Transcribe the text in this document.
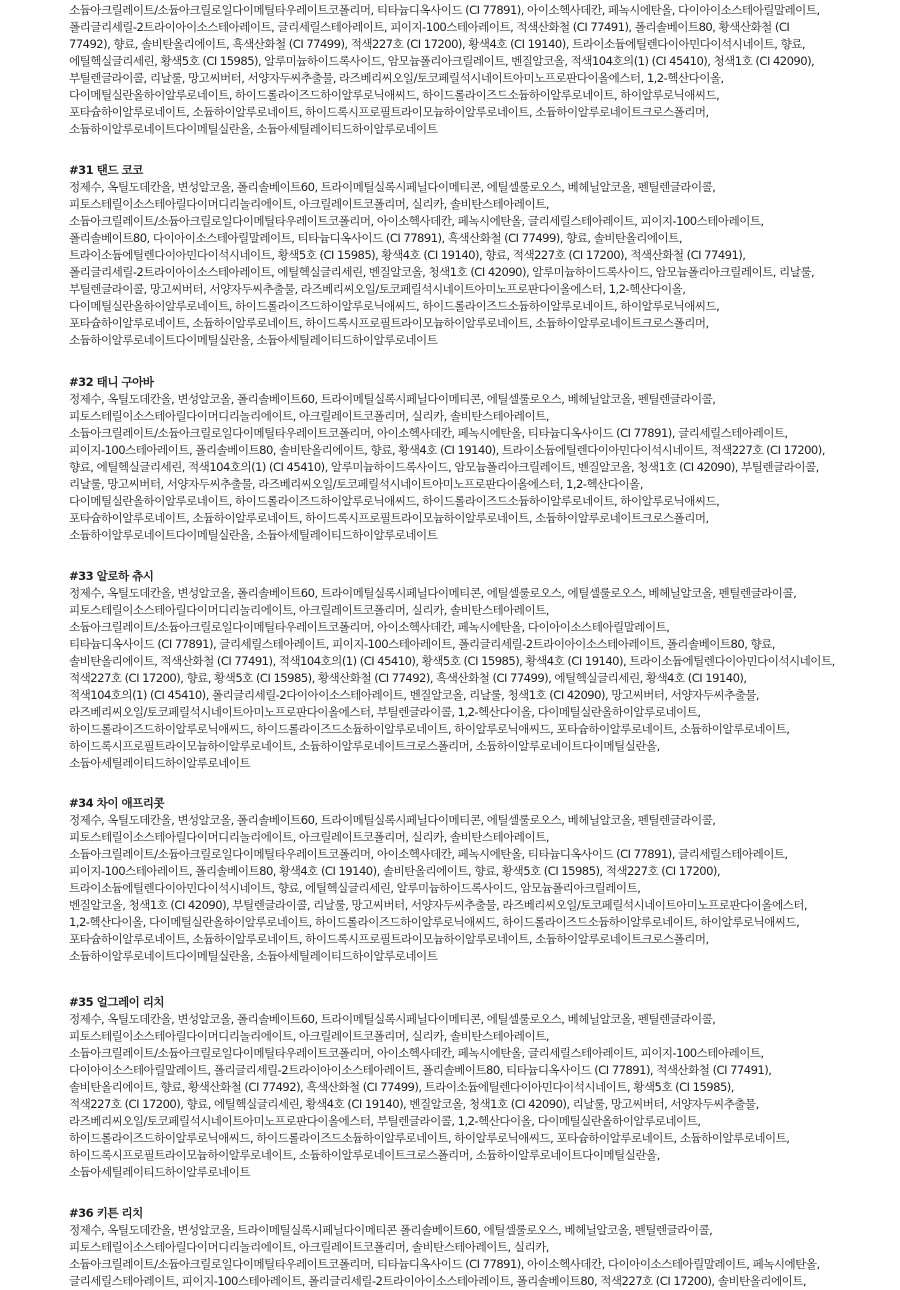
소듐아크릴레이트/소듐아크릴로일다이메틸타우레이트코폴리머, 티타늄디옥사이드 (CI 77891), 아이소헥사데칸, 페녹시에탄올, 다이아이소스테아릴말레이트,

폴리글리세릴-2트라이아이소스테아레이트, 글리세릴스테아레이트, 피이지-100스테아레이트, 적색산화철 (CI 77491), 폴리솔베이트80, 황색산화철 (CI

77492), 향료, 솔비탄올리에이트, 흑색산화철 (CI 77499), 적색227호 (CI 17200), 황색4호 (CI 19140), 트라이소듐에틸렌다이아민다이석시네이트, 향료,

에틸헥실글리세린, 황색5호 (CI 15985), 알루미늄하이드록사이드, 암모늄폴리아크릴레이트, 벤질알코올, 적색104호의(1) (CI 45410), 청색1호 (CI 42090),

부틸렌글라이콜, 리날룰, 망고씨버터, 서양자두씨추출물, 라즈베리씨오일/토코페릴석시네이트아미노프로판다이올에스터, 1,2-헥산다이올,

다이메틸실란올하이알루로네이트, 하이드롤라이즈드하이알루로닉애씨드, 하이드롤라이즈드소듐하이알루로네이트, 하이알루로닉애씨드,

포타슘하이알루로네이트, 소듐하이알루로네이트, 하이드록시프로필트라이모늄하이알루로네이트, 소듐하이알루로네이트크로스폴리머,

소듐하이알루로네이트다이메틸실란올, 소듐아세틸레이티드하이알루로네이트

#31 탠드 코코

정제수, 옥틸도데칸올, 변성알코올, 폴리솔베이트60, 트라이메틸실록시페닐다이메티콘, 에틸셀룰로오스, 베헤닐알코올, 펜틸렌글라이콜,

피토스테릴이소스테아릴다이머디리놀리에이트, 아크릴레이트코폴리머, 실리카, 솔비탄스테아레이트,

소듐아크릴레이트/소듐아크릴로일다이메틸타우레이트코폴리머, 아이소헥사데칸, 페녹시에탄올, 글리세릴스테아레이트, 피이지-100스테아레이트,

폴리솔베이트80, 다이아이소스테아릴말레이트, 티타늄디옥사이드 (CI 77891), 흑색산화철 (CI 77499), 향료, 솔비탄올리에이트,

트라이소듐에틸렌다이아민다이석시네이트, 황색5호 (CI 15985), 황색4호 (CI 19140), 향료, 적색227호 (CI 17200), 적색산화철 (CI 77491),

폴리글리세릴-2트라이아이소스테아레이트, 에틸헥실글리세린, 벤질알코올, 청색1호 (CI 42090), 알루미늄하이드록사이드, 암모늄폴리아크릴레이트, 리날룰,

부틸렌글라이콜, 망고씨버터, 서양자두씨추출물, 라즈베리씨오일/토코페릴석시네이트아미노프로판다이올에스터, 1,2-헥산다이올,

다이메틸실란올하이알루로네이트, 하이드롤라이즈드하이알루로닉애씨드, 하이드롤라이즈드소듐하이알루로네이트, 하이알루로닉애씨드,

포타슘하이알루로네이트, 소듐하이알루로네이트, 하이드록시프로필트라이모늄하이알루로네이트, 소듐하이알루로네이트크로스폴리머,

소듐하이알루로네이트다이메틸실란올, 소듐아세틸레이티드하이알루로네이트

#32 태니 구아바

정제수, 옥틸도데칸올, 변성알코올, 폴리솔베이트60, 트라이메틸실록시페닐다이메티콘, 에틸셀룰로오스, 베헤닐알코올, 펜틸렌글라이콜,

피토스테릴이소스테아릴다이머디리놀리에이트, 아크릴레이트코폴리머, 실리카, 솔비탄스테아레이트,

소듐아크릴레이트/소듐아크릴로일다이메틸타우레이트코폴리머, 아이소헥사데칸, 페녹시에탄올, 티타늄디옥사이드 (CI 77891), 글리세릴스테아레이트,

피이지-100스테아레이트, 폴리솔베이트80, 솔비탄올리에이트, 향료, 황색4호 (CI 19140), 트라이소듐에틸렌다이아민다이석시네이트, 적색227호 (CI 17200),

향료, 에틸헥실글리세린, 적색104호의(1) (CI 45410), 알루미늄하이드록사이드, 암모늄폴리아크릴레이트, 벤질알코올, 청색1호 (CI 42090), 부틸렌글라이콜,

리날룰, 망고씨버터, 서양자두씨추출물, 라즈베리씨오일/토코페릴석시네이트아미노프로판다이올에스터, 1,2-헥산다이올,

다이메틸실란올하이알루로네이트, 하이드롤라이즈드하이알루로닉애씨드, 하이드롤라이즈드소듐하이알루로네이트, 하이알루로닉애씨드,

포타슘하이알루로네이트, 소듐하이알루로네이트, 하이드록시프로필트라이모늄하이알루로네이트, 소듐하이알루로네이트크로스폴리머,

소듐하이알루로네이트다이메틸실란올, 소듐아세틸레이티드하이알루로네이트

#33 알로하 츄시

정제수, 옥틸도데칸올, 변성알코올, 폴리솔베이트60, 트라이메틸실록시페닐다이메티콘, 에틸셀룰로오스, 에틸셀룰로오스, 베헤닐알코올, 펜틸렌글라이콜,

피토스테릴이소스테아릴다이머디리놀리에이트, 아크릴레이트코폴리머, 실리카, 솔비탄스테아레이트,

소듐아크릴레이트/소듐아크릴로일다이메틸타우레이트코폴리머, 아이소헥사데칸, 페녹시에탄올, 다이아이소스테아릴말레이트,

티타늄디옥사이드 (CI 77891), 글리세릴스테아레이트, 피이지-100스테아레이트, 폴리글리세릴-2트라이아이소스테아레이트, 폴리솔베이트80, 향료,

솔비탄올리에이트, 적색산화철 (CI 77491), 적색104호의(1) (CI 45410), 황색5호 (CI 15985), 황색4호 (CI 19140), 트라이소듐에틸렌다이아민다이석시네이트,

적색227호 (CI 17200), 향료, 황색5호 (CI 15985), 황색산화철 (CI 77492), 흑색산화철 (CI 77499), 에틸헥실글리세린, 황색4호 (CI 19140),

적색104호의(1) (CI 45410), 폴리글리세릴-2다이아이소스테아레이트, 벤질알코올, 리날룰, 청색1호 (CI 42090), 망고씨버터, 서양자두씨추출물,

라즈베리씨오일/토코페릴석시네이트아미노프로판다이올에스터, 부틸렌글라이콜, 1,2-헥산다이올, 다이메틸실란올하이알루로네이트,

하이드롤라이즈드하이알루로닉애씨드, 하이드롤라이즈드소듐하이알루로네이트, 하이알루로닉애씨드, 포타슘하이알루로네이트, 소듐하이알루로네이트,

하이드록시프로필트라이모늄하이알루로네이트, 소듐하이알루로네이트크로스폴리머, 소듐하이알루로네이트다이메틸실란올,

소듐아세틸레이티드하이알루로네이트

#34 차이 애프리콧

정제수, 옥틸도데칸올, 변성알코올, 폴리솔베이트60, 트라이메틸실록시페닐다이메티콘, 에틸셀룰로오스, 베헤닐알코올, 펜틸렌글라이콜,

피토스테릴이소스테아릴다이머디리놀리에이트, 아크릴레이트코폴리머, 실리카, 솔비탄스테아레이트,

소듐아크릴레이트/소듐아크릴로일다이메틸타우레이트코폴리머, 아이소헥사데칸, 페녹시에탄올, 티타늄디옥사이드 (CI 77891), 글리세릴스테아레이트,

피이지-100스테아레이트, 폴리솔베이트80, 황색4호 (CI 19140), 솔비탄올리에이트, 향료, 황색5호 (CI 15985), 적색227호 (CI 17200),

트라이소듐에틸렌다이아민다이석시네이트, 향료, 에틸헥실글리세린, 알루미늄하이드록사이드, 암모늄폴리아크릴레이트,

벤질알코올, 청색1호 (CI 42090), 부틸렌글라이콜, 리날룰, 망고씨버터, 서양자두씨추출물, 라즈베리씨오일/토코페릴석시네이트아미노프로판다이올에스터,

1,2-헥산다이올, 다이메틸실란올하이알루로네이트, 하이드롤라이즈드하이알루로닉애씨드, 하이드롤라이즈드소듐하이알루로네이트, 하이알루로닉애씨드,

포타슘하이알루로네이트, 소듐하이알루로네이트, 하이드록시프로필트라이모늄하이알루로네이트, 소듐하이알루로네이트크로스폴리머,

소듐하이알루로네이트다이메틸실란올, 소듐아세틸레이티드하이알루로네이트

#35 얼그레이 리치

정제수, 옥틸도데칸올, 변성알코올, 폴리솔베이트60, 트라이메틸실록시페닐다이메티콘, 에틸셀룰로오스, 베헤닐알코올, 펜틸렌글라이콜,

피토스테릴이소스테아릴다이머디리놀리에이트, 아크릴레이트코폴리머, 실리카, 솔비탄스테아레이트,

소듐아크릴레이트/소듐아크릴로일다이메틸타우레이트코폴리머, 아이소헥사데칸, 페녹시에탄올, 글리세릴스테아레이트, 피이지-100스테아레이트,

다이아이소스테아릴말레이트, 폴리글리세릴-2트라이아이소스테아레이트, 폴리솔베이트80, 티타늄디옥사이드 (CI 77891), 적색산화철 (CI 77491),

솔비탄올리에이트, 향료, 황색산화철 (CI 77492), 흑색산화철 (CI 77499), 트라이소듐에틸렌다이아민다이석시네이트, 황색5호 (CI 15985),

적색227호 (CI 17200), 향료, 에틸헥실글리세린, 황색4호 (CI 19140), 벤질알코올, 청색1호 (CI 42090), 리날룰, 망고씨버터, 서양자두씨추출물,

라즈베리씨오일/토코페릴석시네이트아미노프로판다이올에스터, 부틸렌글라이콜, 1,2-헥산다이올, 다이메틸실란올하이알루로네이트,

하이드롤라이즈드하이알루로닉애씨드, 하이드롤라이즈드소듐하이알루로네이트, 하이알루로닉애씨드, 포타슘하이알루로네이트, 소듐하이알루로네이트,

하이드록시프로필트라이모늄하이알루로네이트, 소듐하이알루로네이트크로스폴리머, 소듐하이알루로네이트다이메틸실란올,

소듐아세틸레이티드하이알루로네이트

#36 키튼 리치

정제수, 옥틸도데칸올, 변성알코올, 트라이메틸실록시페닐다이메티콘 폴리솔베이트60, 에틸셀룰로오스, 베헤닐알코올, 펜틸렌글라이콜,

피토스테릴이소스테아릴다이머디리놀리에이트, 아크릴레이트코폴리머, 솔비탄스테아레이트, 실리카,

소듐아크릴레이트/소듐아크릴로일다이메틸타우레이트코폴리머, 티타늄디옥사이드 (CI 77891), 아이소헥사데칸, 다이아이소스테아릴말레이트, 페녹시에탄올,

글리세릴스테아레이트, 피이지-100스테아레이트, 폴리글리세릴-2트라이아이소스테아레이트, 폴리솔베이트80, 적색227호 (CI 17200), 솔비탄올리에이트,
